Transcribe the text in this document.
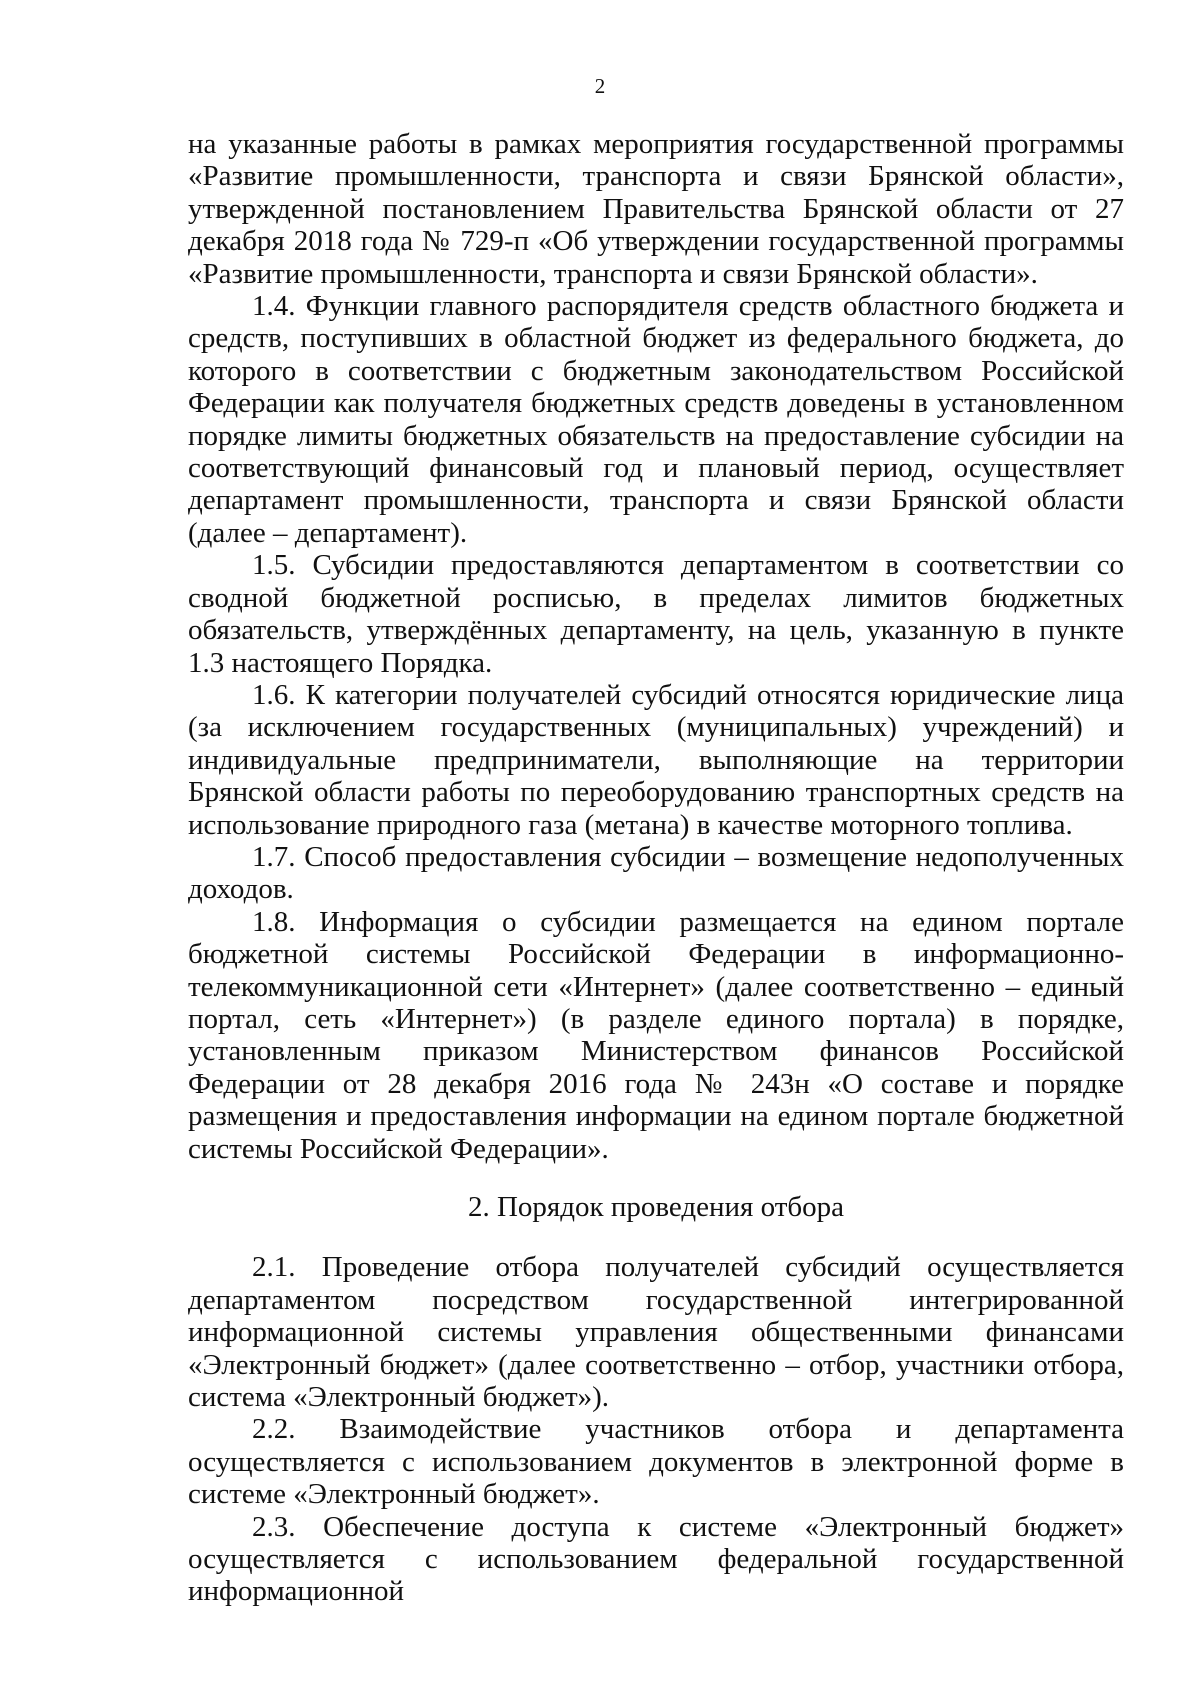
2

на указанные работы в рамках мероприятия государственной программы «Развитие промышленности, транспорта и связи Брянской области», утвержденной постановлением Правительства Брянской области от 27 декабря 2018 года № 729-п «Об утверждении государственной программы «Развитие промышленности, транспорта и связи Брянской области».

1.4. Функции главного распорядителя средств областного бюджета и средств, поступивших в областной бюджет из федерального бюджета, до которого в соответствии с бюджетным законодательством Российской Федерации как получателя бюджетных средств доведены в установленном порядке лимиты бюджетных обязательств на предоставление субсидии на соответствующий финансовый год и плановый период, осуществляет департамент промышленности, транспорта и связи Брянской области (далее – департамент).

1.5. Субсидии предоставляются департаментом в соответствии со сводной бюджетной росписью, в пределах лимитов бюджетных обязательств, утверждённых департаменту, на цель, указанную в пункте 1.3 настоящего Порядка.

1.6. К категории получателей субсидий относятся юридические лица (за исключением государственных (муниципальных) учреждений) и индивидуальные предприниматели, выполняющие на территории Брянской области работы по переоборудованию транспортных средств на использование природного газа (метана) в качестве моторного топлива.

1.7. Способ предоставления субсидии – возмещение недополученных доходов.

1.8. Информация о субсидии размещается на едином портале бюджетной системы Российской Федерации в информационно-телекоммуникационной сети «Интернет» (далее соответственно – единый портал, сеть «Интернет») (в разделе единого портала) в порядке, установленным приказом Министерством финансов Российской Федерации от 28 декабря 2016 года № 243н «О составе и порядке размещения и предоставления информации на едином портале бюджетной системы Российской Федерации».

2. Порядок проведения отбора

2.1. Проведение отбора получателей субсидий осуществляется департаментом посредством государственной интегрированной информационной системы управления общественными финансами «Электронный бюджет» (далее соответственно – отбор, участники отбора, система «Электронный бюджет»).

2.2. Взаимодействие участников отбора и департамента осуществляется с использованием документов в электронной форме в системе «Электронный бюджет».

2.3. Обеспечение доступа к системе «Электронный бюджет» осуществляется с использованием федеральной государственной информационной
